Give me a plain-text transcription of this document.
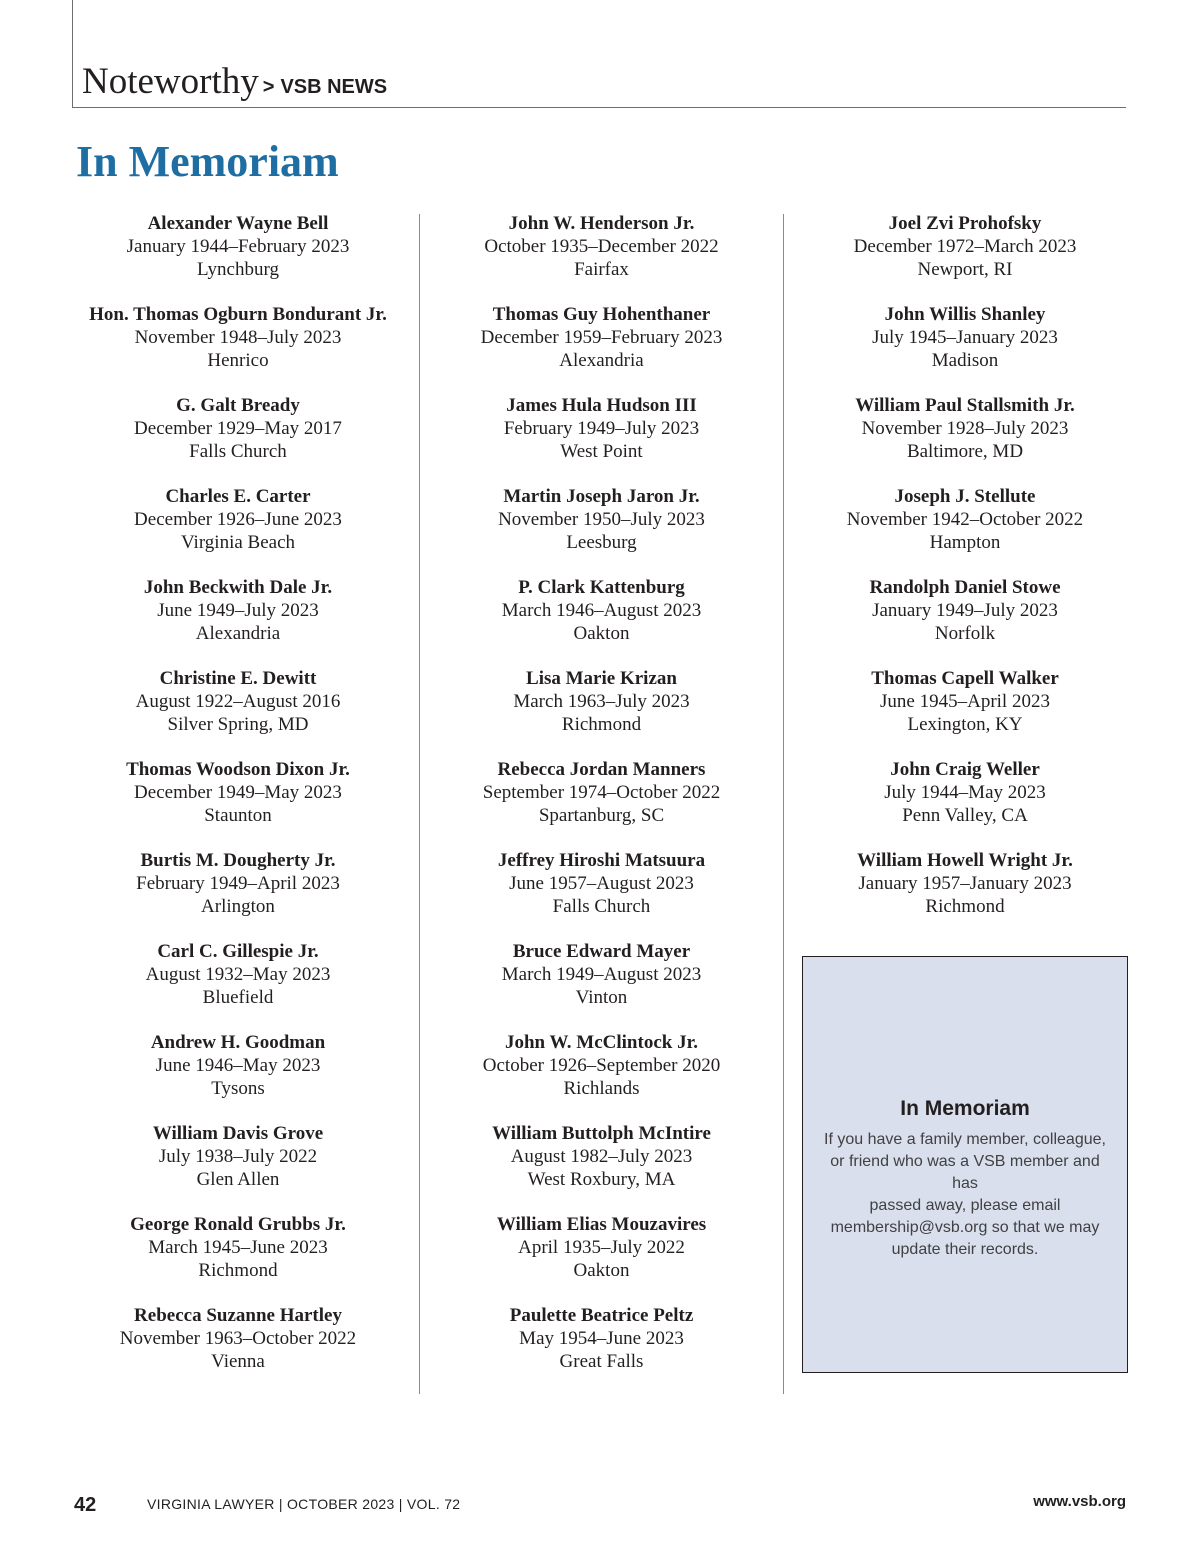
Noteworthy > VSB NEWS
In Memoriam
Alexander Wayne Bell
January 1944–February 2023
Lynchburg
Hon. Thomas Ogburn Bondurant Jr.
November 1948–July 2023
Henrico
G. Galt Bready
December 1929–May 2017
Falls Church
Charles E. Carter
December 1926–June 2023
Virginia Beach
John Beckwith Dale Jr.
June 1949–July 2023
Alexandria
Christine E. Dewitt
August 1922–August 2016
Silver Spring, MD
Thomas Woodson Dixon Jr.
December 1949–May 2023
Staunton
Burtis M. Dougherty Jr.
February 1949–April 2023
Arlington
Carl C. Gillespie Jr.
August 1932–May 2023
Bluefield
Andrew H. Goodman
June 1946–May 2023
Tysons
William Davis Grove
July 1938–July 2022
Glen Allen
George Ronald Grubbs Jr.
March 1945–June 2023
Richmond
Rebecca Suzanne Hartley
November 1963–October 2022
Vienna
John W. Henderson Jr.
October 1935–December 2022
Fairfax
Thomas Guy Hohenthaner
December 1959–February 2023
Alexandria
James Hula Hudson III
February 1949–July 2023
West Point
Martin Joseph Jaron Jr.
November 1950–July 2023
Leesburg
P. Clark Kattenburg
March 1946–August 2023
Oakton
Lisa Marie Krizan
March 1963–July 2023
Richmond
Rebecca Jordan Manners
September 1974–October 2022
Spartanburg, SC
Jeffrey Hiroshi Matsuura
June 1957–August 2023
Falls Church
Bruce Edward Mayer
March 1949–August 2023
Vinton
John W. McClintock Jr.
October 1926–September 2020
Richlands
William Buttolph McIntire
August 1982–July 2023
West Roxbury, MA
William Elias Mouzavires
April 1935–July 2022
Oakton
Paulette Beatrice Peltz
May 1954–June 2023
Great Falls
Joel Zvi Prohofsky
December 1972–March 2023
Newport, RI
John Willis Shanley
July 1945–January 2023
Madison
William Paul Stallsmith Jr.
November 1928–July 2023
Baltimore, MD
Joseph J. Stellute
November 1942–October 2022
Hampton
Randolph Daniel Stowe
January 1949–July 2023
Norfolk
Thomas Capell Walker
June 1945–April 2023
Lexington, KY
John Craig Weller
July 1944–May 2023
Penn Valley, CA
William Howell Wright Jr.
January 1957–January 2023
Richmond
In Memoriam
If you have a family member, colleague,
or friend who was a VSB member and has
passed away, please email
membership@vsb.org so that we may
update their records.
42	VIRGINIA LAWYER | OCTOBER 2023 | VOL. 72	www.vsb.org
